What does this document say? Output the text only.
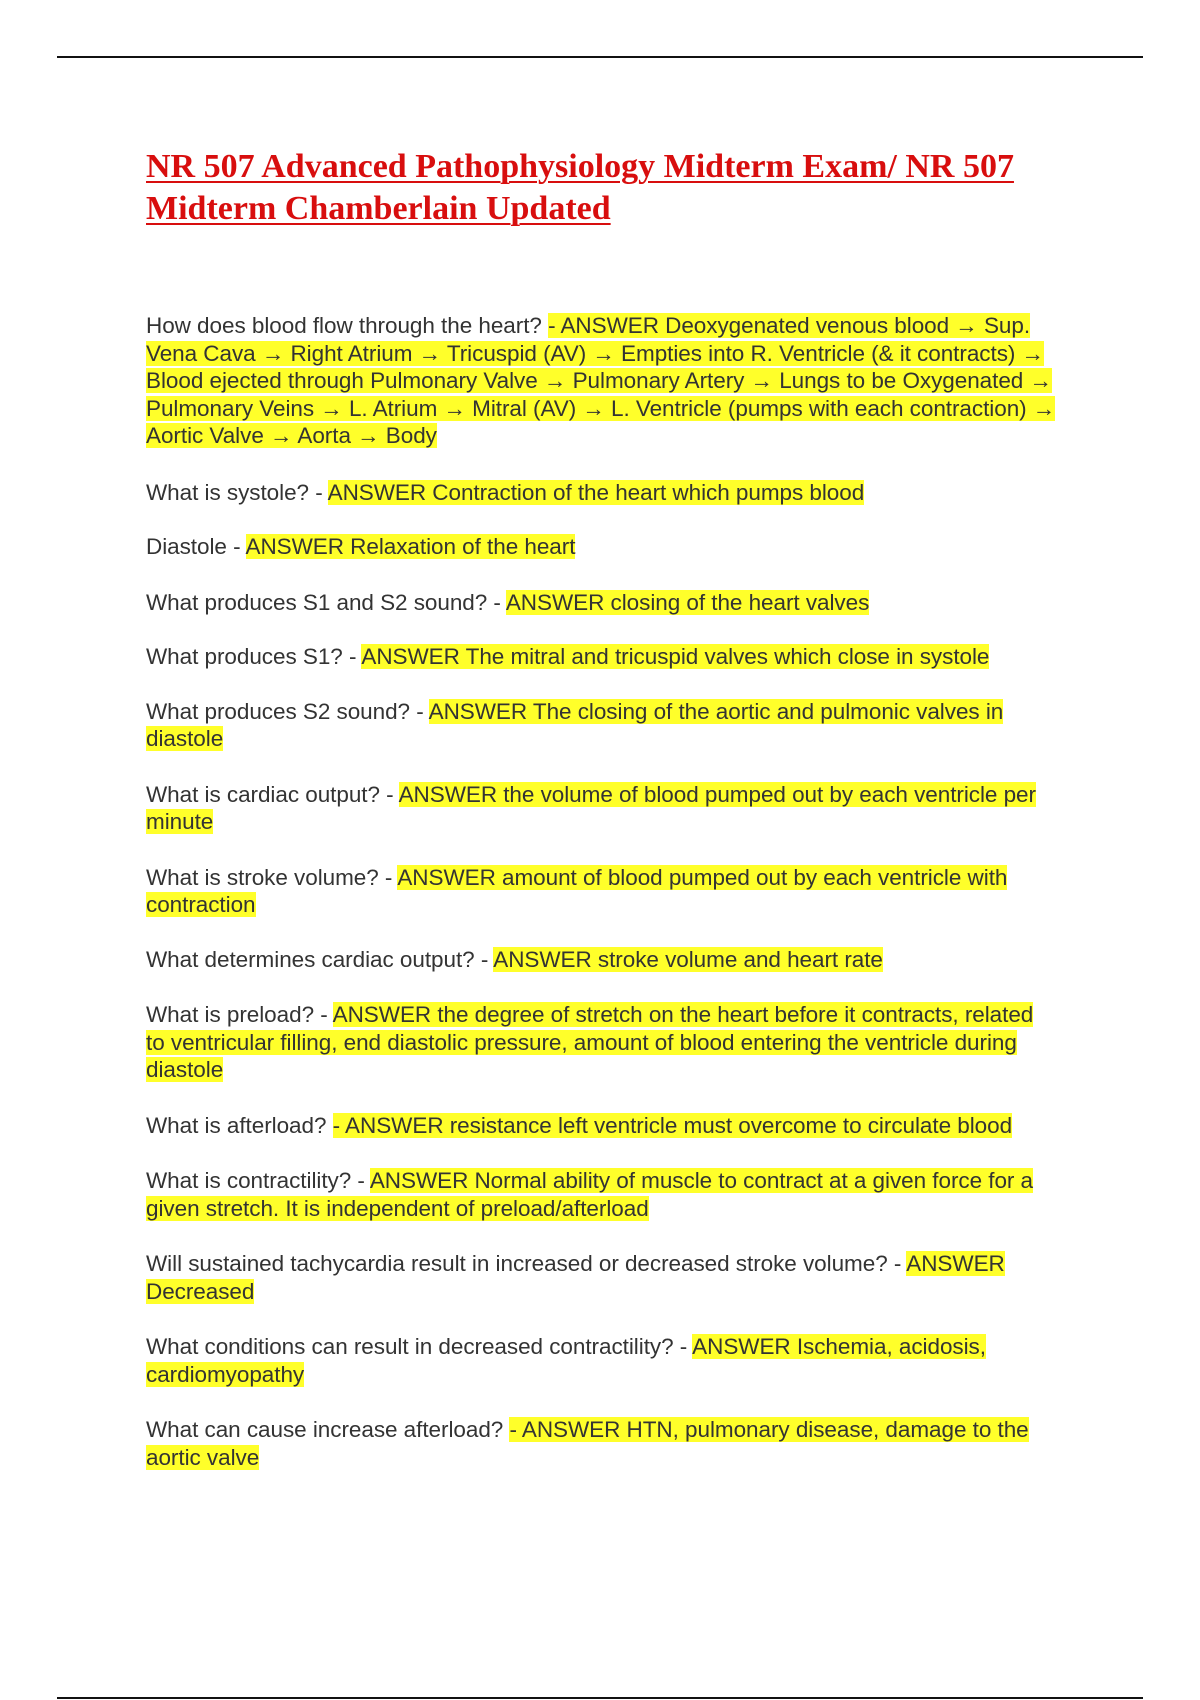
NR 507 Advanced Pathophysiology Midterm Exam/ NR 507 Midterm Chamberlain Updated
How does blood flow through the heart? - ANSWER Deoxygenated venous blood → Sup. Vena Cava → Right Atrium → Tricuspid (AV) → Empties into R. Ventricle (& it contracts) → Blood ejected through Pulmonary Valve → Pulmonary Artery → Lungs to be Oxygenated → Pulmonary Veins → L. Atrium → Mitral (AV) → L. Ventricle (pumps with each contraction) → Aortic Valve → Aorta → Body
What is systole? - ANSWER Contraction of the heart which pumps blood
Diastole - ANSWER Relaxation of the heart
What produces S1 and S2 sound? - ANSWER closing of the heart valves
What produces S1? - ANSWER The mitral and tricuspid valves which close in systole
What produces S2 sound? - ANSWER The closing of the aortic and pulmonic valves in diastole
What is cardiac output? - ANSWER the volume of blood pumped out by each ventricle per minute
What is stroke volume? - ANSWER amount of blood pumped out by each ventricle with contraction
What determines cardiac output? - ANSWER stroke volume and heart rate
What is preload? - ANSWER the degree of stretch on the heart before it contracts, related to ventricular filling, end diastolic pressure, amount of blood entering the ventricle during diastole
What is afterload? - ANSWER resistance left ventricle must overcome to circulate blood
What is contractility? - ANSWER Normal ability of muscle to contract at a given force for a given stretch. It is independent of preload/afterload
Will sustained tachycardia result in increased or decreased stroke volume? - ANSWER Decreased
What conditions can result in decreased contractility? - ANSWER Ischemia, acidosis, cardiomyopathy
What can cause increase afterload? - ANSWER HTN, pulmonary disease, damage to the aortic valve
